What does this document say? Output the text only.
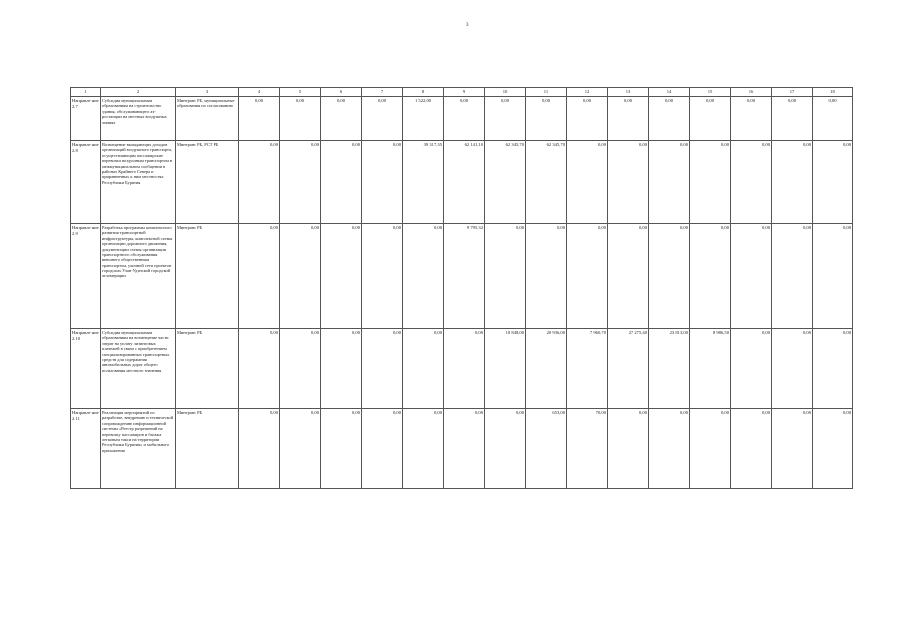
3
1	2	3	4	5	6	7	8	9	10	11	12	13	14	15	16	17	18
Направле ние 2.7	Субсидия муниципальным образованиям на строительство здания, обслуживающего аэ-ростанции на местных воздушных линиях	Минтранс РБ, муниципальные образования по согласованию	0,00	0,00	0,00	0,00	1 522,00	0,00	0,00	0,00	0,00	0,00	0,00	0,00	0,00	0,00	0,00
Направле ние 2.8	Возмещение выпадающих доходов организаций воздушного транспорта, осуществляющим пассажирские перевозки воздушным транспортом в межмуниципальном сообщении в районах Крайнего Севера и приравненных к ним местностях Республики Бурятия	Минтранс РБ, РСТ РБ	0,00	0,00	0,00	0,00	39 317,35	62 141,10	62 345,70	62 345,70	0,00	0,00	0,00	0,00	0,00	0,00	0,00
Направле ние 2.9	Разработка программы комплексного развития транспортной инфраструктуры, комплексной схемы организации дорожного движения, документации схемы организации транспортного обслуживания внешнего общественным транспортом, уличной сети проектов городских Улан-Удэнской городской агломерации	Минтранс РБ	0,00	0,00	0,00	0,00	0,00	9 795,32	0,00	0,00	0,00	0,00	0,00	0,00	0,00	0,00	0,00
Направле ние 2.10	Субсидия муниципальным образованиям на возмещение части затрат на уплату лизинговых платежей в связи с приобретением специализированных транспортных средств для содержания автомобильных дорог общего пользования местного значения	Минтранс РБ	0,00	0,00	0,00	0,00	0,00	0,00	10 848,00	20 936,00	7 960,70	27 275,40	23 813,00	8 986,50	0,00	0,00	0,00
Направле ние 2.11	Реализация мероприятий по разработке, внедрению и технической сопровождению информационной системы «Реестр разрешений на перевозку пассажиров и багажа легковым такси на территории Республики Бурятия» и мобильного приложения	Минтранс РБ	0,00	0,00	0,00	0,00	0,00	0,00	0,00	653,00	70,00	0,00	0,00	0,00	0,00	0,00	0,00
